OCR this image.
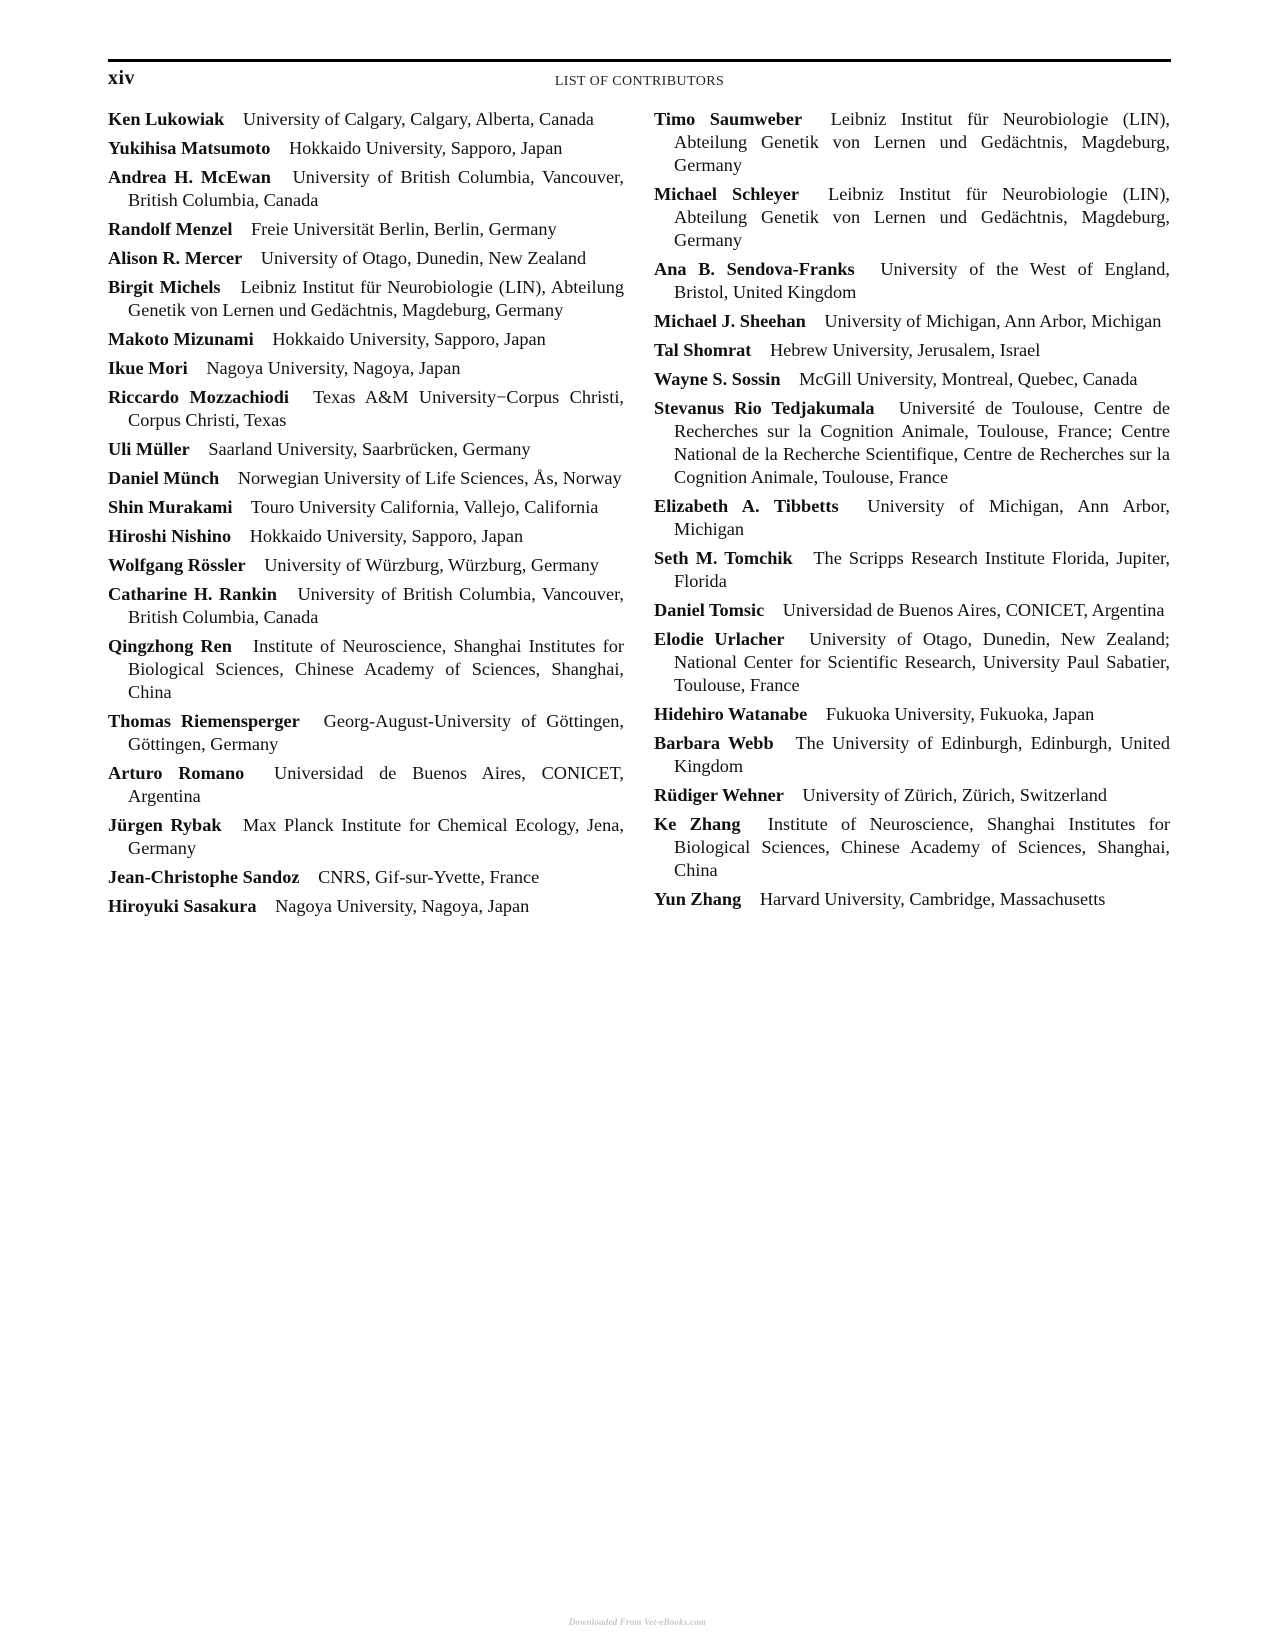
xiv	LIST OF CONTRIBUTORS

Ken Lukowiak University of Calgary, Calgary, Alberta, Canada

Yukihisa Matsumoto Hokkaido University, Sapporo, Japan

Andrea H. McEwan University of British Columbia, Vancouver, British Columbia, Canada

Randolf Menzel Freie Universität Berlin, Berlin, Germany

Alison R. Mercer University of Otago, Dunedin, New Zealand

Birgit Michels Leibniz Institut für Neurobiologie (LIN), Abteilung Genetik von Lernen und Gedächtnis, Magdeburg, Germany

Makoto Mizunami Hokkaido University, Sapporo, Japan

Ikue Mori Nagoya University, Nagoya, Japan

Riccardo Mozzachiodi Texas A&M University−Corpus Christi, Corpus Christi, Texas

Uli Müller Saarland University, Saarbrücken, Germany

Daniel Münch Norwegian University of Life Sciences, Ås, Norway

Shin Murakami Touro University California, Vallejo, California

Hiroshi Nishino Hokkaido University, Sapporo, Japan

Wolfgang Rössler University of Würzburg, Würzburg, Germany

Catharine H. Rankin University of British Columbia, Vancouver, British Columbia, Canada

Qingzhong Ren Institute of Neuroscience, Shanghai Institutes for Biological Sciences, Chinese Academy of Sciences, Shanghai, China

Thomas Riemensperger Georg-August-University of Göttingen, Göttingen, Germany

Arturo Romano Universidad de Buenos Aires, CONICET, Argentina

Jürgen Rybak Max Planck Institute for Chemical Ecology, Jena, Germany

Jean-Christophe Sandoz CNRS, Gif-sur-Yvette, France

Hiroyuki Sasakura Nagoya University, Nagoya, Japan

Timo Saumweber Leibniz Institut für Neurobiologie (LIN), Abteilung Genetik von Lernen und Gedächtnis, Magdeburg, Germany

Michael Schleyer Leibniz Institut für Neurobiologie (LIN), Abteilung Genetik von Lernen und Gedächtnis, Magdeburg, Germany

Ana B. Sendova-Franks University of the West of England, Bristol, United Kingdom

Michael J. Sheehan University of Michigan, Ann Arbor, Michigan

Tal Shomrat Hebrew University, Jerusalem, Israel

Wayne S. Sossin McGill University, Montreal, Quebec, Canada

Stevanus Rio Tedjakumala Université de Toulouse, Centre de Recherches sur la Cognition Animale, Toulouse, France; Centre National de la Recherche Scientifique, Centre de Recherches sur la Cognition Animale, Toulouse, France

Elizabeth A. Tibbetts University of Michigan, Ann Arbor, Michigan

Seth M. Tomchik The Scripps Research Institute Florida, Jupiter, Florida

Daniel Tomsic Universidad de Buenos Aires, CONICET, Argentina

Elodie Urlacher University of Otago, Dunedin, New Zealand; National Center for Scientific Research, University Paul Sabatier, Toulouse, France

Hidehiro Watanabe Fukuoka University, Fukuoka, Japan

Barbara Webb The University of Edinburgh, Edinburgh, United Kingdom

Rüdiger Wehner University of Zürich, Zürich, Switzerland

Ke Zhang Institute of Neuroscience, Shanghai Institutes for Biological Sciences, Chinese Academy of Sciences, Shanghai, China

Yun Zhang Harvard University, Cambridge, Massachusetts

Downloaded From Vet-eBooks.com
